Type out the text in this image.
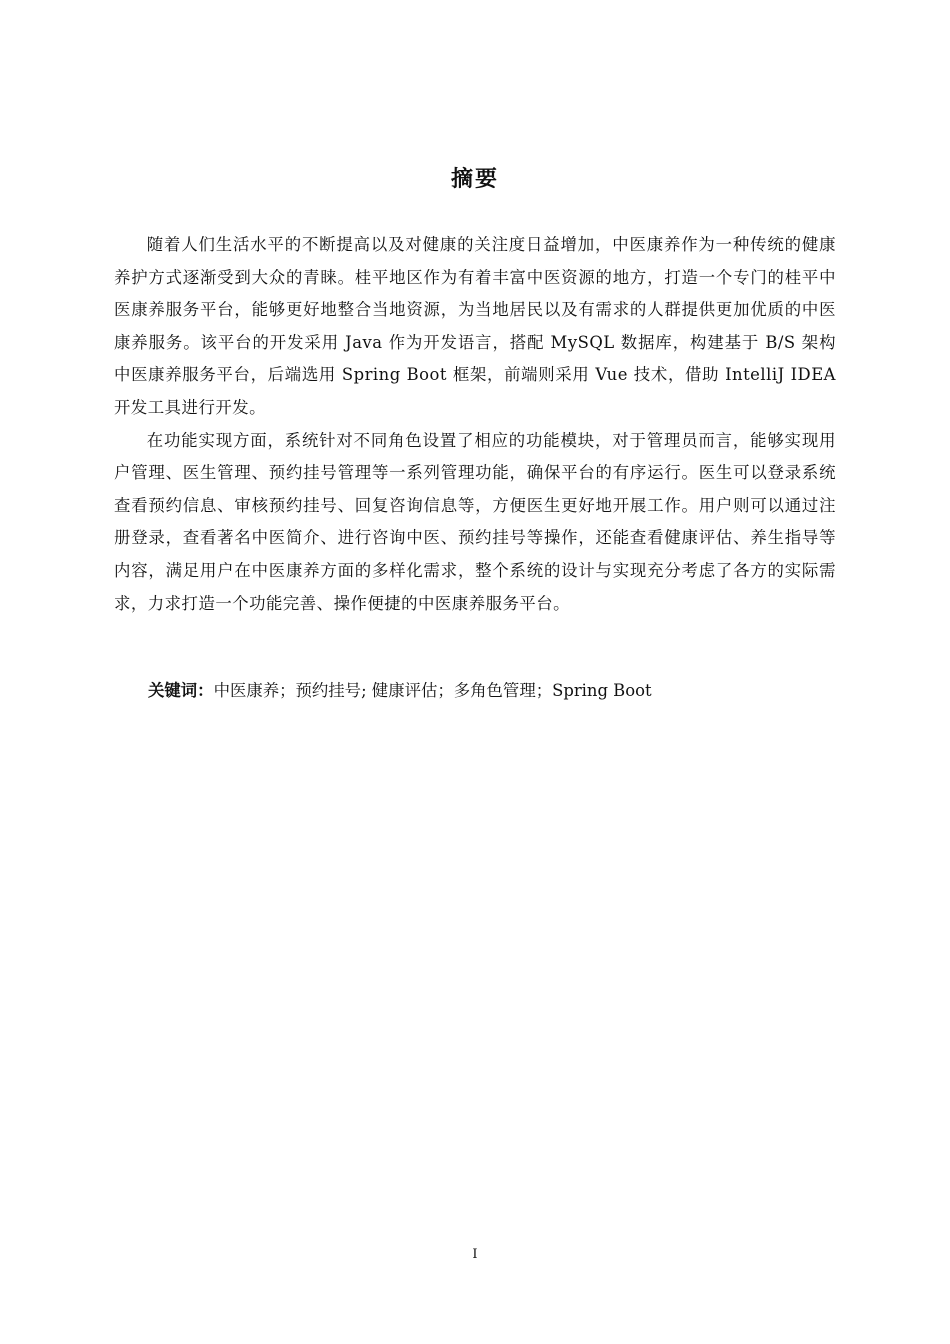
摘要

随着人们生活水平的不断提高以及对健康的关注度日益增加，中医康养作为一种传统的健康养护方式逐渐受到大众的青睐。桂平地区作为有着丰富中医资源的地方，打造一个专门的桂平中医康养服务平台，能够更好地整合当地资源，为当地居民以及有需求的人群提供更加优质的中医康养服务。该平台的开发采用 Java 作为开发语言，搭配 MySQL 数据库，构建基于 B/S 架构中医康养服务平台，后端选用 Spring Boot 框架，前端则采用 Vue 技术，借助 IntelliJ IDEA 开发工具进行开发。

在功能实现方面，系统针对不同角色设置了相应的功能模块，对于管理员而言，能够实现用户管理、医生管理、预约挂号管理等一系列管理功能，确保平台的有序运行。医生可以登录系统查看预约信息、审核预约挂号、回复咨询信息等，方便医生更好地开展工作。用户则可以通过注册登录，查看著名中医简介、进行咨询中医、预约挂号等操作，还能查看健康评估、养生指导等内容，满足用户在中医康养方面的多样化需求，整个系统的设计与实现充分考虑了各方的实际需求，力求打造一个功能完善、操作便捷的中医康养服务平台。

关键词：中医康养；预约挂号; 健康评估；多角色管理；Spring Boot

I
